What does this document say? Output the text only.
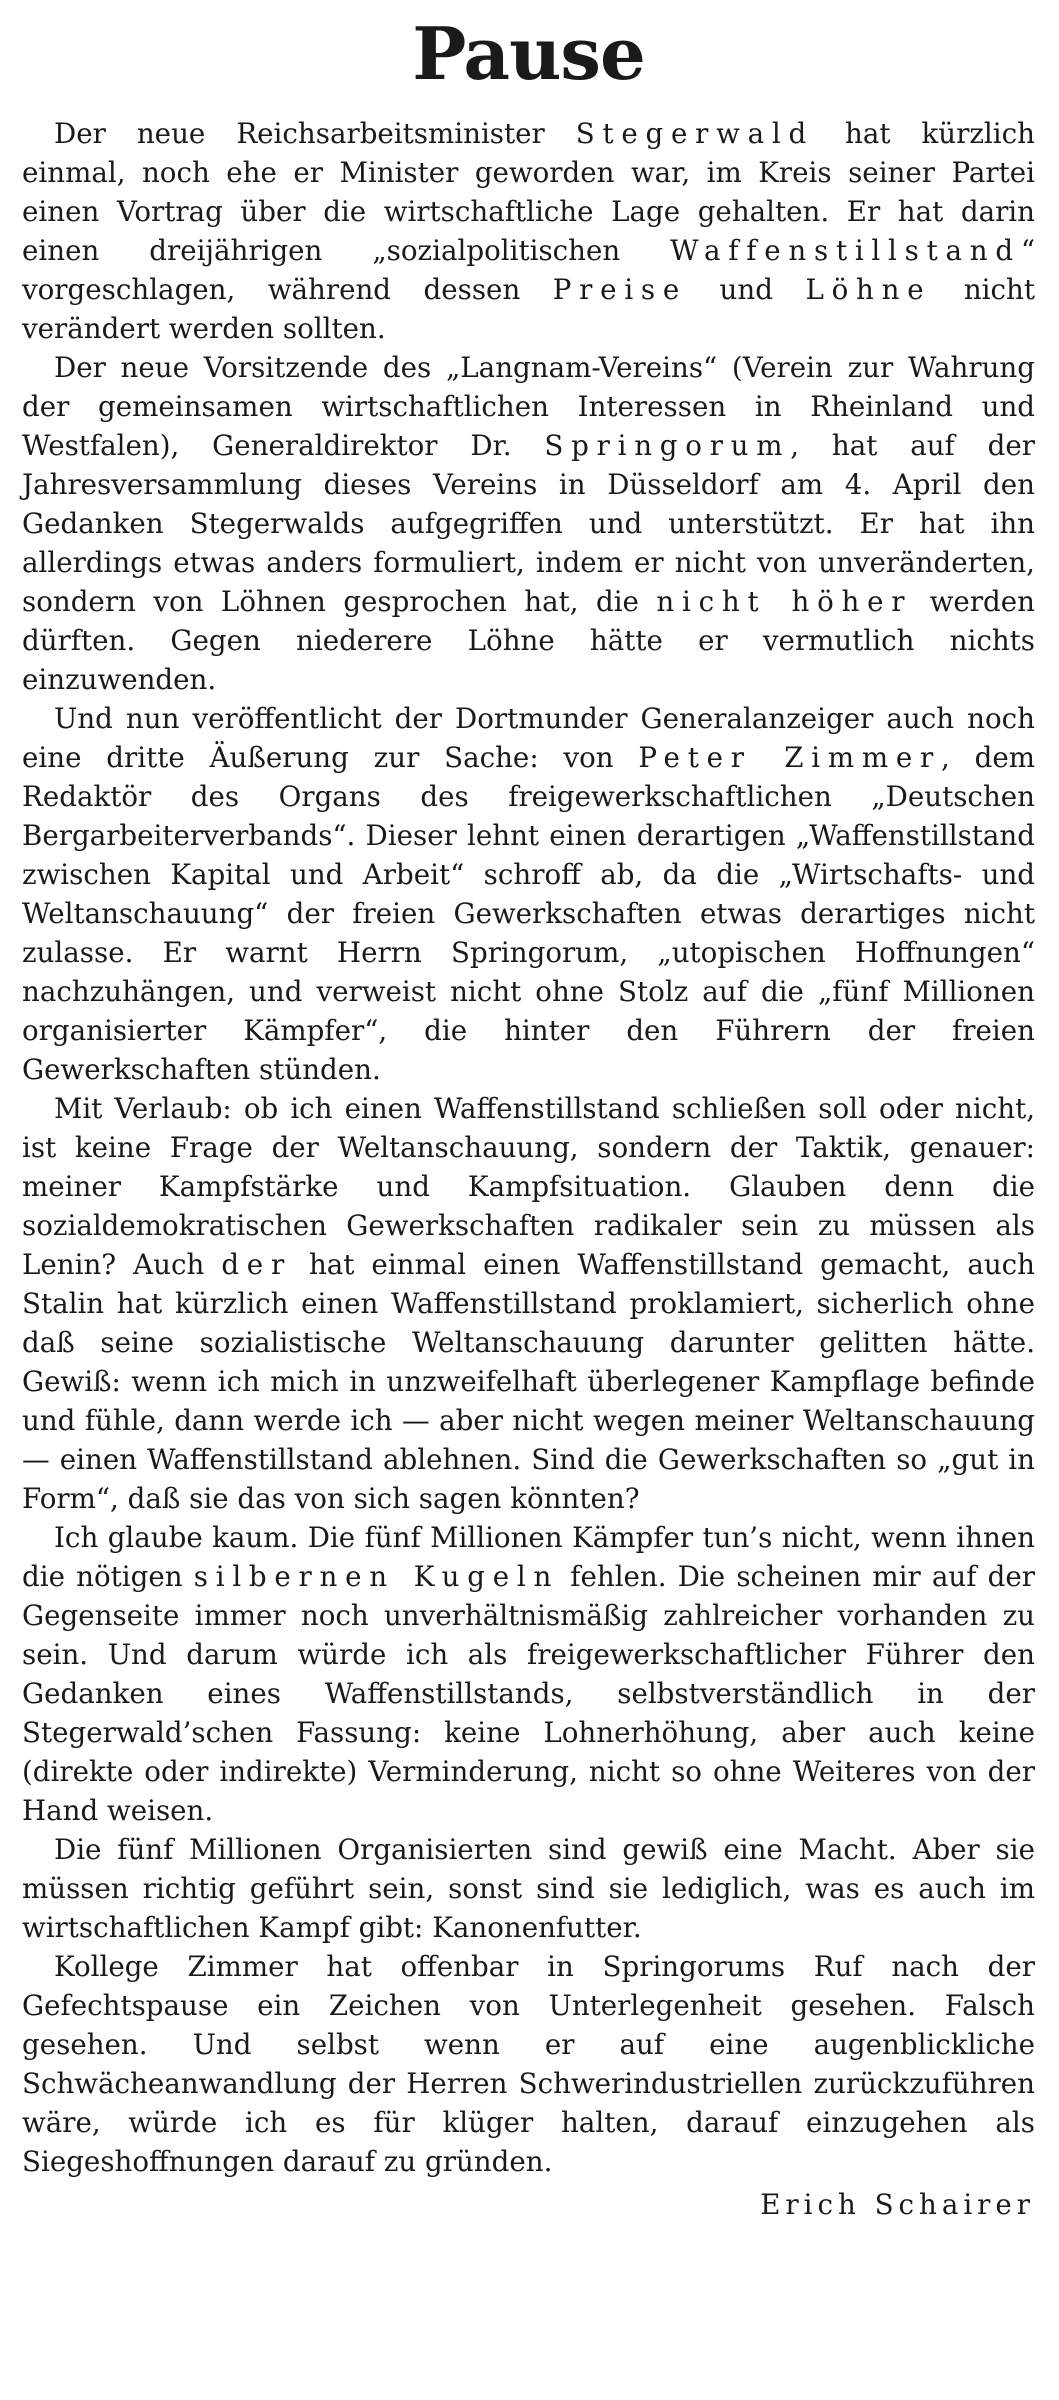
Pause

Der neue Reichsarbeitsminister Stegerwald hat kürzlich einmal, noch ehe er Minister geworden war, im Kreis seiner Partei einen Vortrag über die wirtschaftliche Lage gehalten. Er hat darin einen dreijährigen „sozialpolitischen Waffenstillstand“ vorgeschlagen, während dessen Preise und Löhne nicht verändert werden sollten.

Der neue Vorsitzende des „Langnam-Vereins“ (Verein zur Wahrung der gemeinsamen wirtschaftlichen Interessen in Rheinland und Westfalen), Generaldirektor Dr. Springorum, hat auf der Jahresversammlung dieses Vereins in Düsseldorf am 4. April den Gedanken Stegerwalds aufgegriffen und unterstützt. Er hat ihn allerdings etwas anders formuliert, indem er nicht von unveränderten, sondern von Löhnen gesprochen hat, die nicht höher werden dürften. Gegen niederere Löhne hätte er vermutlich nichts einzuwenden.

Und nun veröffentlicht der Dortmunder Generalanzeiger auch noch eine dritte Äußerung zur Sache: von Peter Zimmer, dem Redaktör des Organs des freigewerkschaftlichen „Deutschen Bergarbeiterverbands“. Dieser lehnt einen derartigen „Waffenstillstand zwischen Kapital und Arbeit“ schroff ab, da die „Wirtschafts- und Weltanschauung“ der freien Gewerkschaften etwas derartiges nicht zulasse. Er warnt Herrn Springorum, „utopischen Hoffnungen“ nachzuhängen, und verweist nicht ohne Stolz auf die „fünf Millionen organisierter Kämpfer“, die hinter den Führern der freien Gewerkschaften stünden.

Mit Verlaub: ob ich einen Waffenstillstand schließen soll oder nicht, ist keine Frage der Weltanschauung, sondern der Taktik, genauer: meiner Kampfstärke und Kampfsituation. Glauben denn die sozialdemokratischen Gewerkschaften radikaler sein zu müssen als Lenin? Auch der hat einmal einen Waffenstillstand gemacht, auch Stalin hat kürzlich einen Waffenstillstand proklamiert, sicherlich ohne daß seine sozialistische Weltanschauung darunter gelitten hätte. Gewiß: wenn ich mich in unzweifelhaft überlegener Kampflage befinde und fühle, dann werde ich — aber nicht wegen meiner Weltanschauung — einen Waffenstillstand ablehnen. Sind die Gewerkschaften so „gut in Form“, daß sie das von sich sagen könnten?

Ich glaube kaum. Die fünf Millionen Kämpfer tun’s nicht, wenn ihnen die nötigen silbernen Kugeln fehlen. Die scheinen mir auf der Gegenseite immer noch unverhältnismäßig zahlreicher vorhanden zu sein. Und darum würde ich als freigewerkschaftlicher Führer den Gedanken eines Waffenstillstands, selbstverständlich in der Stegerwald’schen Fassung: keine Lohnerhöhung, aber auch keine (direkte oder indirekte) Verminderung, nicht so ohne Weiteres von der Hand weisen.

Die fünf Millionen Organisierten sind gewiß eine Macht. Aber sie müssen richtig geführt sein, sonst sind sie lediglich, was es auch im wirtschaftlichen Kampf gibt: Kanonenfutter.

Kollege Zimmer hat offenbar in Springorums Ruf nach der Gefechtspause ein Zeichen von Unterlegenheit gesehen. Falsch gesehen. Und selbst wenn er auf eine augenblickliche Schwächeanwandlung der Herren Schwerindustriellen zurückzuführen wäre, würde ich es für klüger halten, darauf einzugehen als Siegeshoffnungen darauf zu gründen.

Erich Schairer
